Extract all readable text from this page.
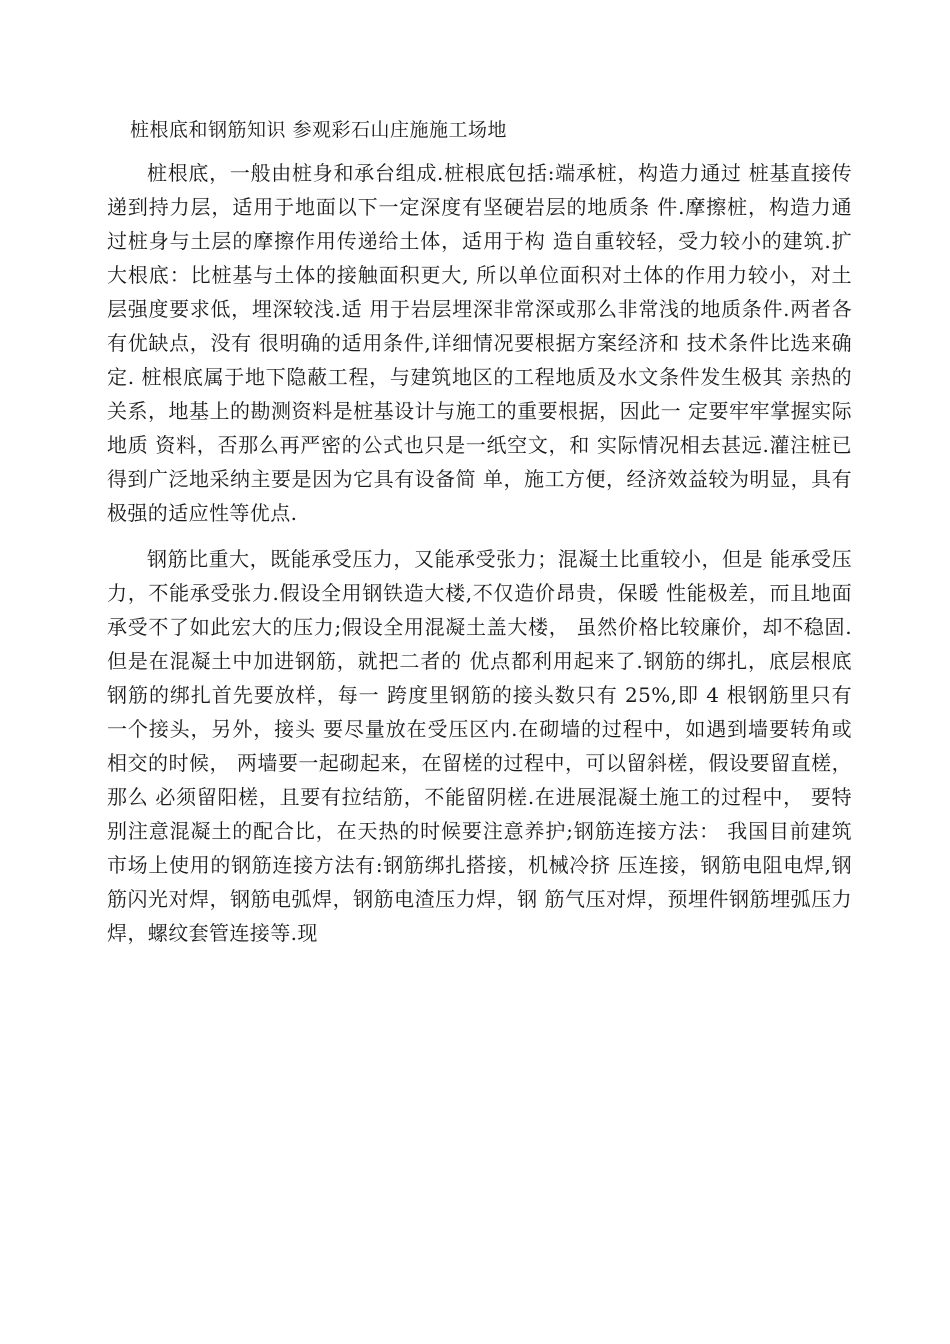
桩根底和钢筋知识 参观彩石山庄施施工场地

桩根底，一般由桩身和承台组成.桩根底包括:端承桩，构造力通过 桩基直接传递到持力层，适用于地面以下一定深度有坚硬岩层的地质条 件.摩擦桩，构造力通过桩身与土层的摩擦作用传递给土体，适用于构 造自重较轻，受力较小的建筑.扩大根底：比桩基与土体的接触面积更大, 所以单位面积对土体的作用力较小，对土层强度要求低，埋深较浅.适 用于岩层埋深非常深或那么非常浅的地质条件.两者各有优缺点，没有 很明确的适用条件,详细情况要根据方案经济和 技术条件比选来确定. 桩根底属于地下隐蔽工程，与建筑地区的工程地质及水文条件发生极其 亲热的关系，地基上的勘测资料是桩基设计与施工的重要根据，因此一 定要牢牢掌握实际地质 资料，否那么再严密的公式也只是一纸空文，和 实际情况相去甚远.灌注桩已得到广泛地采纳主要是因为它具有设备简 单，施工方便，经济效益较为明显，具有极强的适应性等优点.

钢筋比重大，既能承受压力，又能承受张力；混凝土比重较小，但是 能承受压力，不能承受张力.假设全用钢铁造大楼,不仅造价昂贵，保暖 性能极差，而且地面承受不了如此宏大的压力;假设全用混凝土盖大楼， 虽然价格比较廉价，却不稳固.但是在混凝土中加进钢筋，就把二者的 优点都利用起来了.钢筋的绑扎，底层根底钢筋的绑扎首先要放样，每一 跨度里钢筋的接头数只有 25%,即 4 根钢筋里只有一个接头，另外，接头 要尽量放在受压区内.在砌墙的过程中，如遇到墙要转角或相交的时候， 两墙要一起砌起来，在留槎的过程中，可以留斜槎，假设要留直槎，那么 必须留阳槎，且要有拉结筋，不能留阴槎.在进展混凝土施工的过程中， 要特别注意混凝土的配合比，在天热的时候要注意养护;钢筋连接方法： 我国目前建筑市场上使用的钢筋连接方法有:钢筋绑扎搭接，机械冷挤 压连接，钢筋电阻电焊,钢筋闪光对焊，钢筋电弧焊，钢筋电渣压力焊，钢 筋气压对焊，预埋件钢筋埋弧压力焊，螺纹套管连接等.现
